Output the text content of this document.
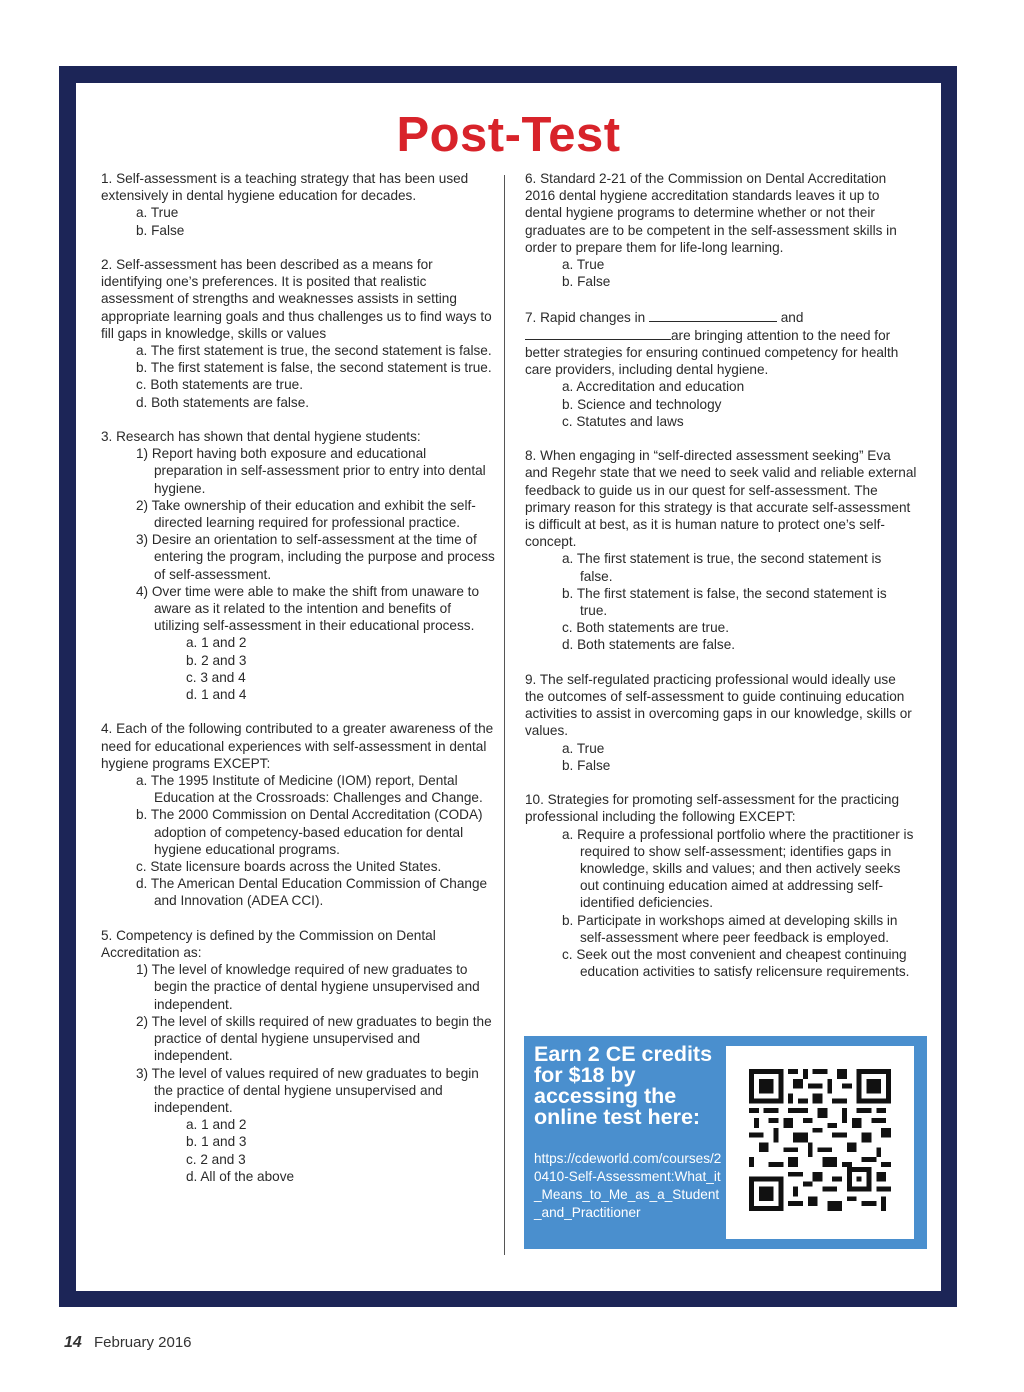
Post-Test

1. Self-assessment is a teaching strategy that has been used extensively in dental hygiene education for decades.

a. True

b. False

2. Self-assessment has been described as a means for identifying one’s preferences. It is posited that realistic assessment of strengths and weaknesses assists in setting appropriate learning goals and thus challenges us to find ways to fill gaps in knowledge, skills or values

a. The first statement is true, the second statement is false.

b. The first statement is false, the second statement is true.

c. Both statements are true.

d. Both statements are false.

3. Research has shown that dental hygiene students:

1) Report having both exposure and educational preparation in self-assessment prior to entry into dental hygiene.

2) Take ownership of their education and exhibit the self-directed learning required for professional practice.

3) Desire an orientation to self-assessment at the time of entering the program, including the purpose and process of self-assessment.

4) Over time were able to make the shift from unaware to aware as it related to the intention and benefits of utilizing self-assessment in their educational process.

a. 1 and 2

b. 2 and 3

c. 3 and 4

d. 1 and 4

4. Each of the following contributed to a greater awareness of the need for educational experiences with self-assessment in dental hygiene programs EXCEPT:

a. The 1995 Institute of Medicine (IOM) report, Dental Education at the Crossroads: Challenges and Change.

b. The 2000 Commission on Dental Accreditation (CODA) adoption of competency-based education for dental hygiene educational programs.

c. State licensure boards across the United States.

d. The American Dental Education Commission of Change and Innovation (ADEA CCI).

5. Competency is defined by the Commission on Dental Accreditation as:

1) The level of knowledge required of new graduates to begin the practice of dental hygiene unsupervised and independent.

2) The level of skills required of new graduates to begin the practice of dental hygiene unsupervised and independent.

3) The level of values required of new graduates to begin the practice of dental hygiene unsupervised and independent.

a. 1 and 2

b. 1 and 3

c. 2 and 3

d. All of the above

6. Standard 2-21 of the Commission on Dental Accreditation 2016 dental hygiene accreditation standards leaves it up to dental hygiene programs to determine whether or not their graduates are to be competent in the self-assessment skills in order to prepare them for life-long learning.

a. True

b. False

7. Rapid changes in	and are bringing attention to the need for better strategies for ensuring continued competency for health care providers, including dental hygiene.

a. Accreditation and education

b. Science and technology

c. Statutes and laws

8. When engaging in “self-directed assessment seeking” Eva and Regehr state that we need to seek valid and reliable external feedback to guide us in our quest for self-assessment. The primary reason for this strategy is that accurate self-assessment is difficult at best, as it is human nature to protect one’s self-concept.

a. The first statement is true, the second statement is false.

b. The first statement is false, the second statement is true.

c. Both statements are true.

d. Both statements are false.

9. The self-regulated practicing professional would ideally use the outcomes of self-assessment to guide continuing education activities to assist in overcoming gaps in our knowledge, skills or values.

a. True

b. False

10. Strategies for promoting self-assessment for the practicing professional including the following EXCEPT:

a. Require a professional portfolio where the practitioner is required to show self-assessment; identifies gaps in knowledge, skills and values; and then actively seeks out continuing education aimed at addressing self-identified deficiencies.

b. Participate in workshops aimed at developing skills in self-assessment where peer feedback is employed.

c. Seek out the most convenient and cheapest continuing education activities to satisfy relicensure requirements.

Earn 2 CE credits for $18 by accessing the online test here:
https://cdeworld.com/courses/20410-Self-Assessment:What_it_Means_to_Me_as_a_Student_and_Practitioner
14 February 2016
